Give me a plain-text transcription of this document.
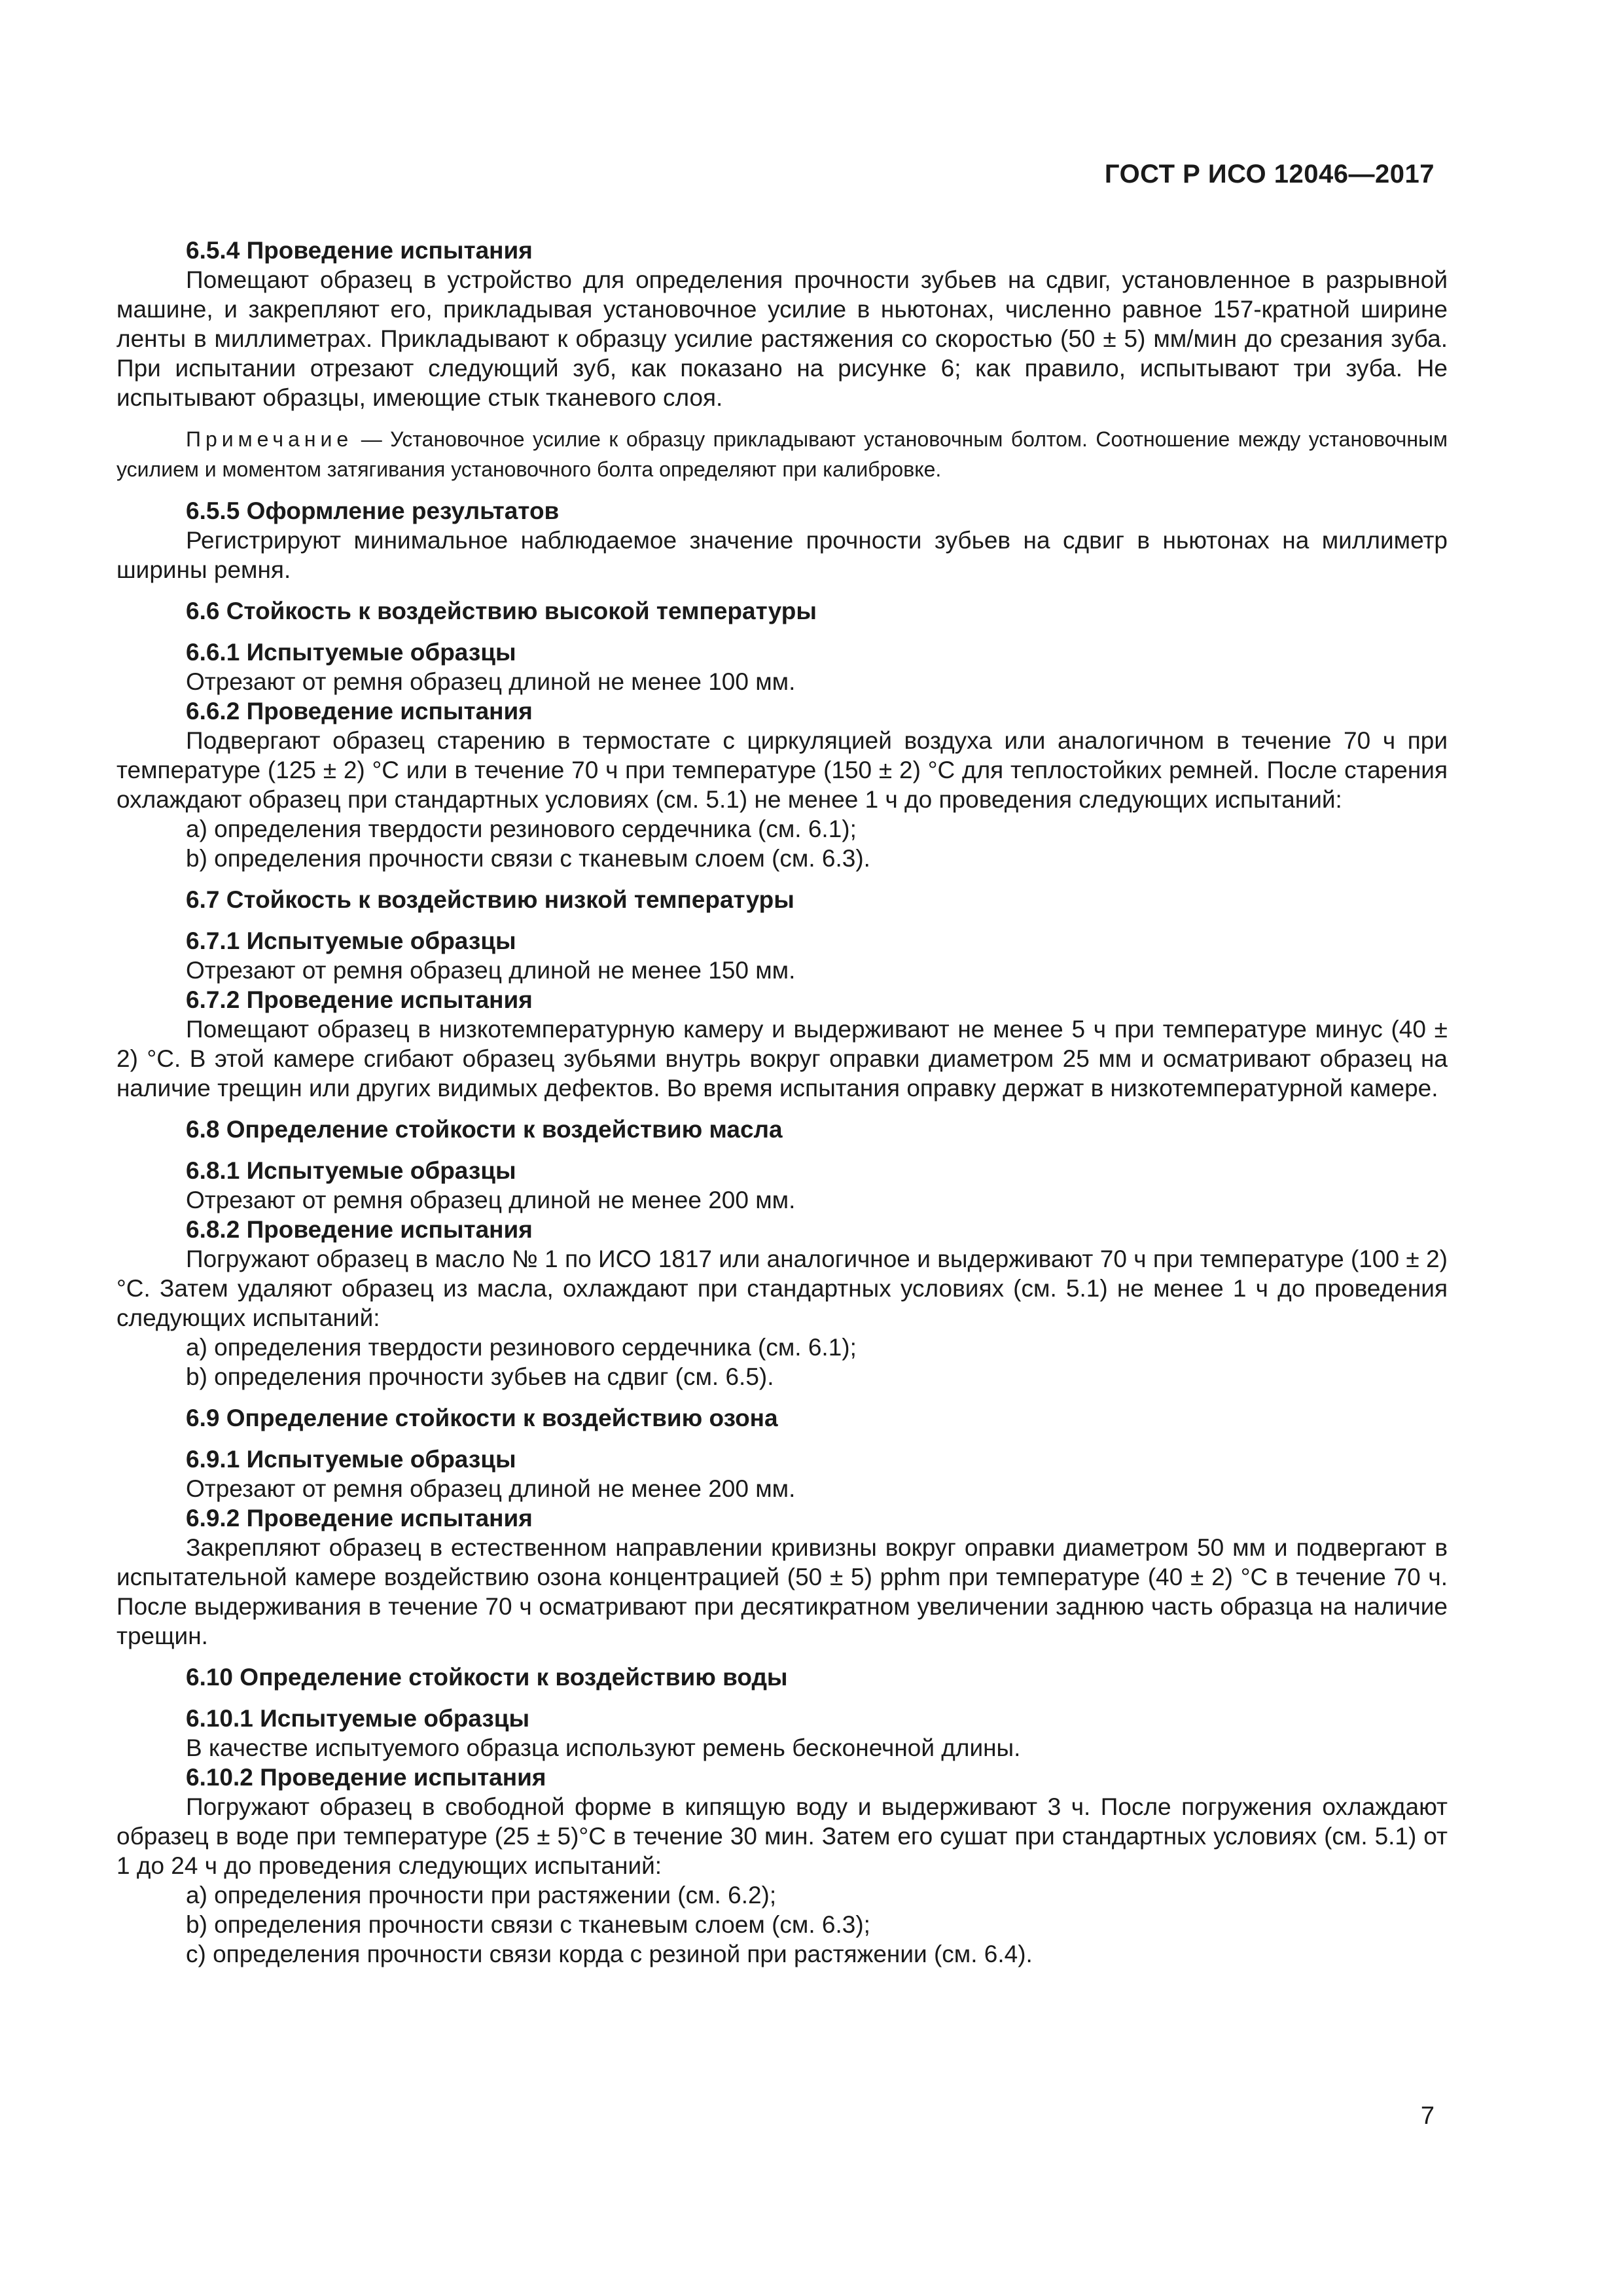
ГОСТ Р ИСО 12046—2017

6.5.4 Проведение испытания

Помещают образец в устройство для определения прочности зубьев на сдвиг, установленное в разрывной машине, и закрепляют его, прикладывая установочное усилие в ньютонах, численно равное 157-кратной ширине ленты в миллиметрах. Прикладывают к образцу усилие растяжения со скоростью (50 ± 5) мм/мин до срезания зуба. При испытании отрезают следующий зуб, как показано на рисунке 6; как правило, испытывают три зуба. Не испытывают образцы, имеющие стык тканевого слоя.

Примечание — Установочное усилие к образцу прикладывают установочным болтом. Соотношение между установочным усилием и моментом затягивания установочного болта определяют при калибровке.

6.5.5 Оформление результатов

Регистрируют минимальное наблюдаемое значение прочности зубьев на сдвиг в ньютонах на миллиметр ширины ремня.

6.6 Стойкость к воздействию высокой температуры

6.6.1 Испытуемые образцы

Отрезают от ремня образец длиной не менее 100 мм.

6.6.2 Проведение испытания

Подвергают образец старению в термостате с циркуляцией воздуха или аналогичном в течение 70 ч при температуре (125 ± 2) °С или в течение 70 ч при температуре (150 ± 2) °С для теплостойких ремней. После старения охлаждают образец при стандартных условиях (см. 5.1) не менее 1 ч до проведения следующих испытаний:

a) определения твердости резинового сердечника (см. 6.1);

b) определения прочности связи с тканевым слоем (см. 6.3).

6.7 Стойкость к воздействию низкой температуры

6.7.1 Испытуемые образцы

Отрезают от ремня образец длиной не менее 150 мм.

6.7.2 Проведение испытания

Помещают образец в низкотемпературную камеру и выдерживают не менее 5 ч при температуре минус (40 ± 2) °С. В этой камере сгибают образец зубьями внутрь вокруг оправки диаметром 25 мм и осматривают образец на наличие трещин или других видимых дефектов. Во время испытания оправку держат в низкотемпературной камере.

6.8 Определение стойкости к воздействию масла

6.8.1 Испытуемые образцы

Отрезают от ремня образец длиной не менее 200 мм.

6.8.2 Проведение испытания

Погружают образец в масло № 1 по ИСО 1817 или аналогичное и выдерживают 70 ч при температуре (100 ± 2) °С. Затем удаляют образец из масла, охлаждают при стандартных условиях (см. 5.1) не менее 1 ч до проведения следующих испытаний:

a) определения твердости резинового сердечника (см. 6.1);

b) определения прочности зубьев на сдвиг (см. 6.5).

6.9 Определение стойкости к воздействию озона

6.9.1 Испытуемые образцы

Отрезают от ремня образец длиной не менее 200 мм.

6.9.2 Проведение испытания

Закрепляют образец в естественном направлении кривизны вокруг оправки диаметром 50 мм и подвергают в испытательной камере воздействию озона концентрацией (50 ± 5) pphm при температуре (40 ± 2) °С в течение 70 ч. После выдерживания в течение 70 ч осматривают при десятикратном увеличении заднюю часть образца на наличие трещин.

6.10 Определение стойкости к воздействию воды

6.10.1 Испытуемые образцы

В качестве испытуемого образца используют ремень бесконечной длины.

6.10.2 Проведение испытания

Погружают образец в свободной форме в кипящую воду и выдерживают 3 ч. После погружения охлаждают образец в воде при температуре (25 ± 5)°С в течение 30 мин. Затем его сушат при стандартных условиях (см. 5.1) от 1 до 24 ч до проведения следующих испытаний:

a) определения прочности при растяжении (см. 6.2);

b) определения прочности связи с тканевым слоем (см. 6.3);

c) определения прочности связи корда с резиной при растяжении (см. 6.4).

7
